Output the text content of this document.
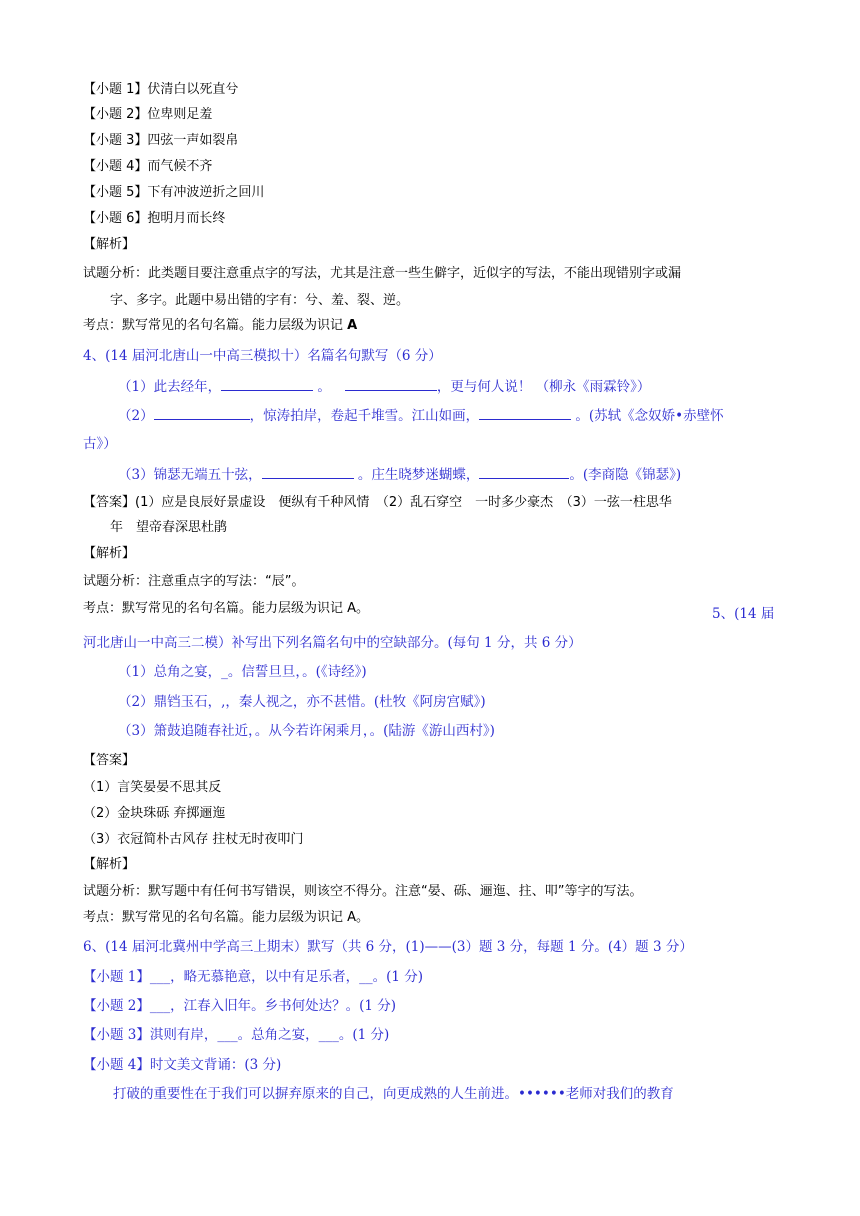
【小题 1】伏清白以死直兮
【小题 2】位卑则足羞
【小题 3】四弦一声如裂帛
【小题 4】而气候不齐
【小题 5】下有冲波逆折之回川
【小题 6】抱明月而长终
【解析】
试题分析：此类题目要注意重点字的写法，尤其是注意一些生僻字，近似字的写法，不能出现错别字或漏
字、多字。此题中易出错的字有：兮、羞、裂、逆。
考点：默写常见的名句名篇。能力层级为识记 A
4、(14 届河北唐山一中高三模拟十）名篇名句默写（6 分）
（1）此去经年，	。	，更与何人说！ （柳永《雨霖铃》）
（2）	，惊涛拍岸，卷起千堆雪。江山如画，	。(苏轼《念奴娇•赤壁怀
古》）
（3）锦瑟无端五十弦，	。庄生晓梦迷蝴蝶，	。(李商隐《锦瑟》)
【答案】(1）应是良辰好景虚设　便纵有千种风情　（2）乱石穿空　一时多少豪杰　（3）一弦一柱思华
年　望帝春深思杜鹃
【解析】
试题分析：注意重点字的写法：“辰”。
考点：默写常见的名句名篇。能力层级为识记 A。	5、(14 届
河北唐山一中高三二模）补写出下列名篇名句中的空缺部分。(每句 1 分，共 6 分）
（1）总角之宴，_。信誓旦旦，。(《诗经》)
（2）鼎铛玉石，,，秦人视之，亦不甚惜。(杜牧《阿房宫赋》)
（3）箫鼓追随春社近，。从今若许闲乘月，。(陆游《游山西村》)
【答案】
（1）言笑晏晏不思其反
（2）金块珠砾 弃掷逦迤
（3）衣冠简朴古风存 拄杖无时夜叩门
【解析】
试题分析：默写题中有任何书写错误，则该空不得分。注意“晏、砾、逦迤、拄、叩”等字的写法。
考点：默写常见的名句名篇。能力层级为识记 A。
6、(14 届河北冀州中学高三上期末）默写（共 6 分，(1)——(3）题 3 分，每题 1 分。(4）题 3 分）
【小题 1】___，略无慕艳意，以中有足乐者，__。(1 分)
【小题 2】___，江春入旧年。乡书何处达？。(1 分)
【小题 3】淇则有岸，___。总角之宴，___。(1 分)
【小题 4】时文美文背诵：(3 分)
打破的重要性在于我们可以摒弃原来的自己，向更成熟的人生前进。••••••老师对我们的教育
